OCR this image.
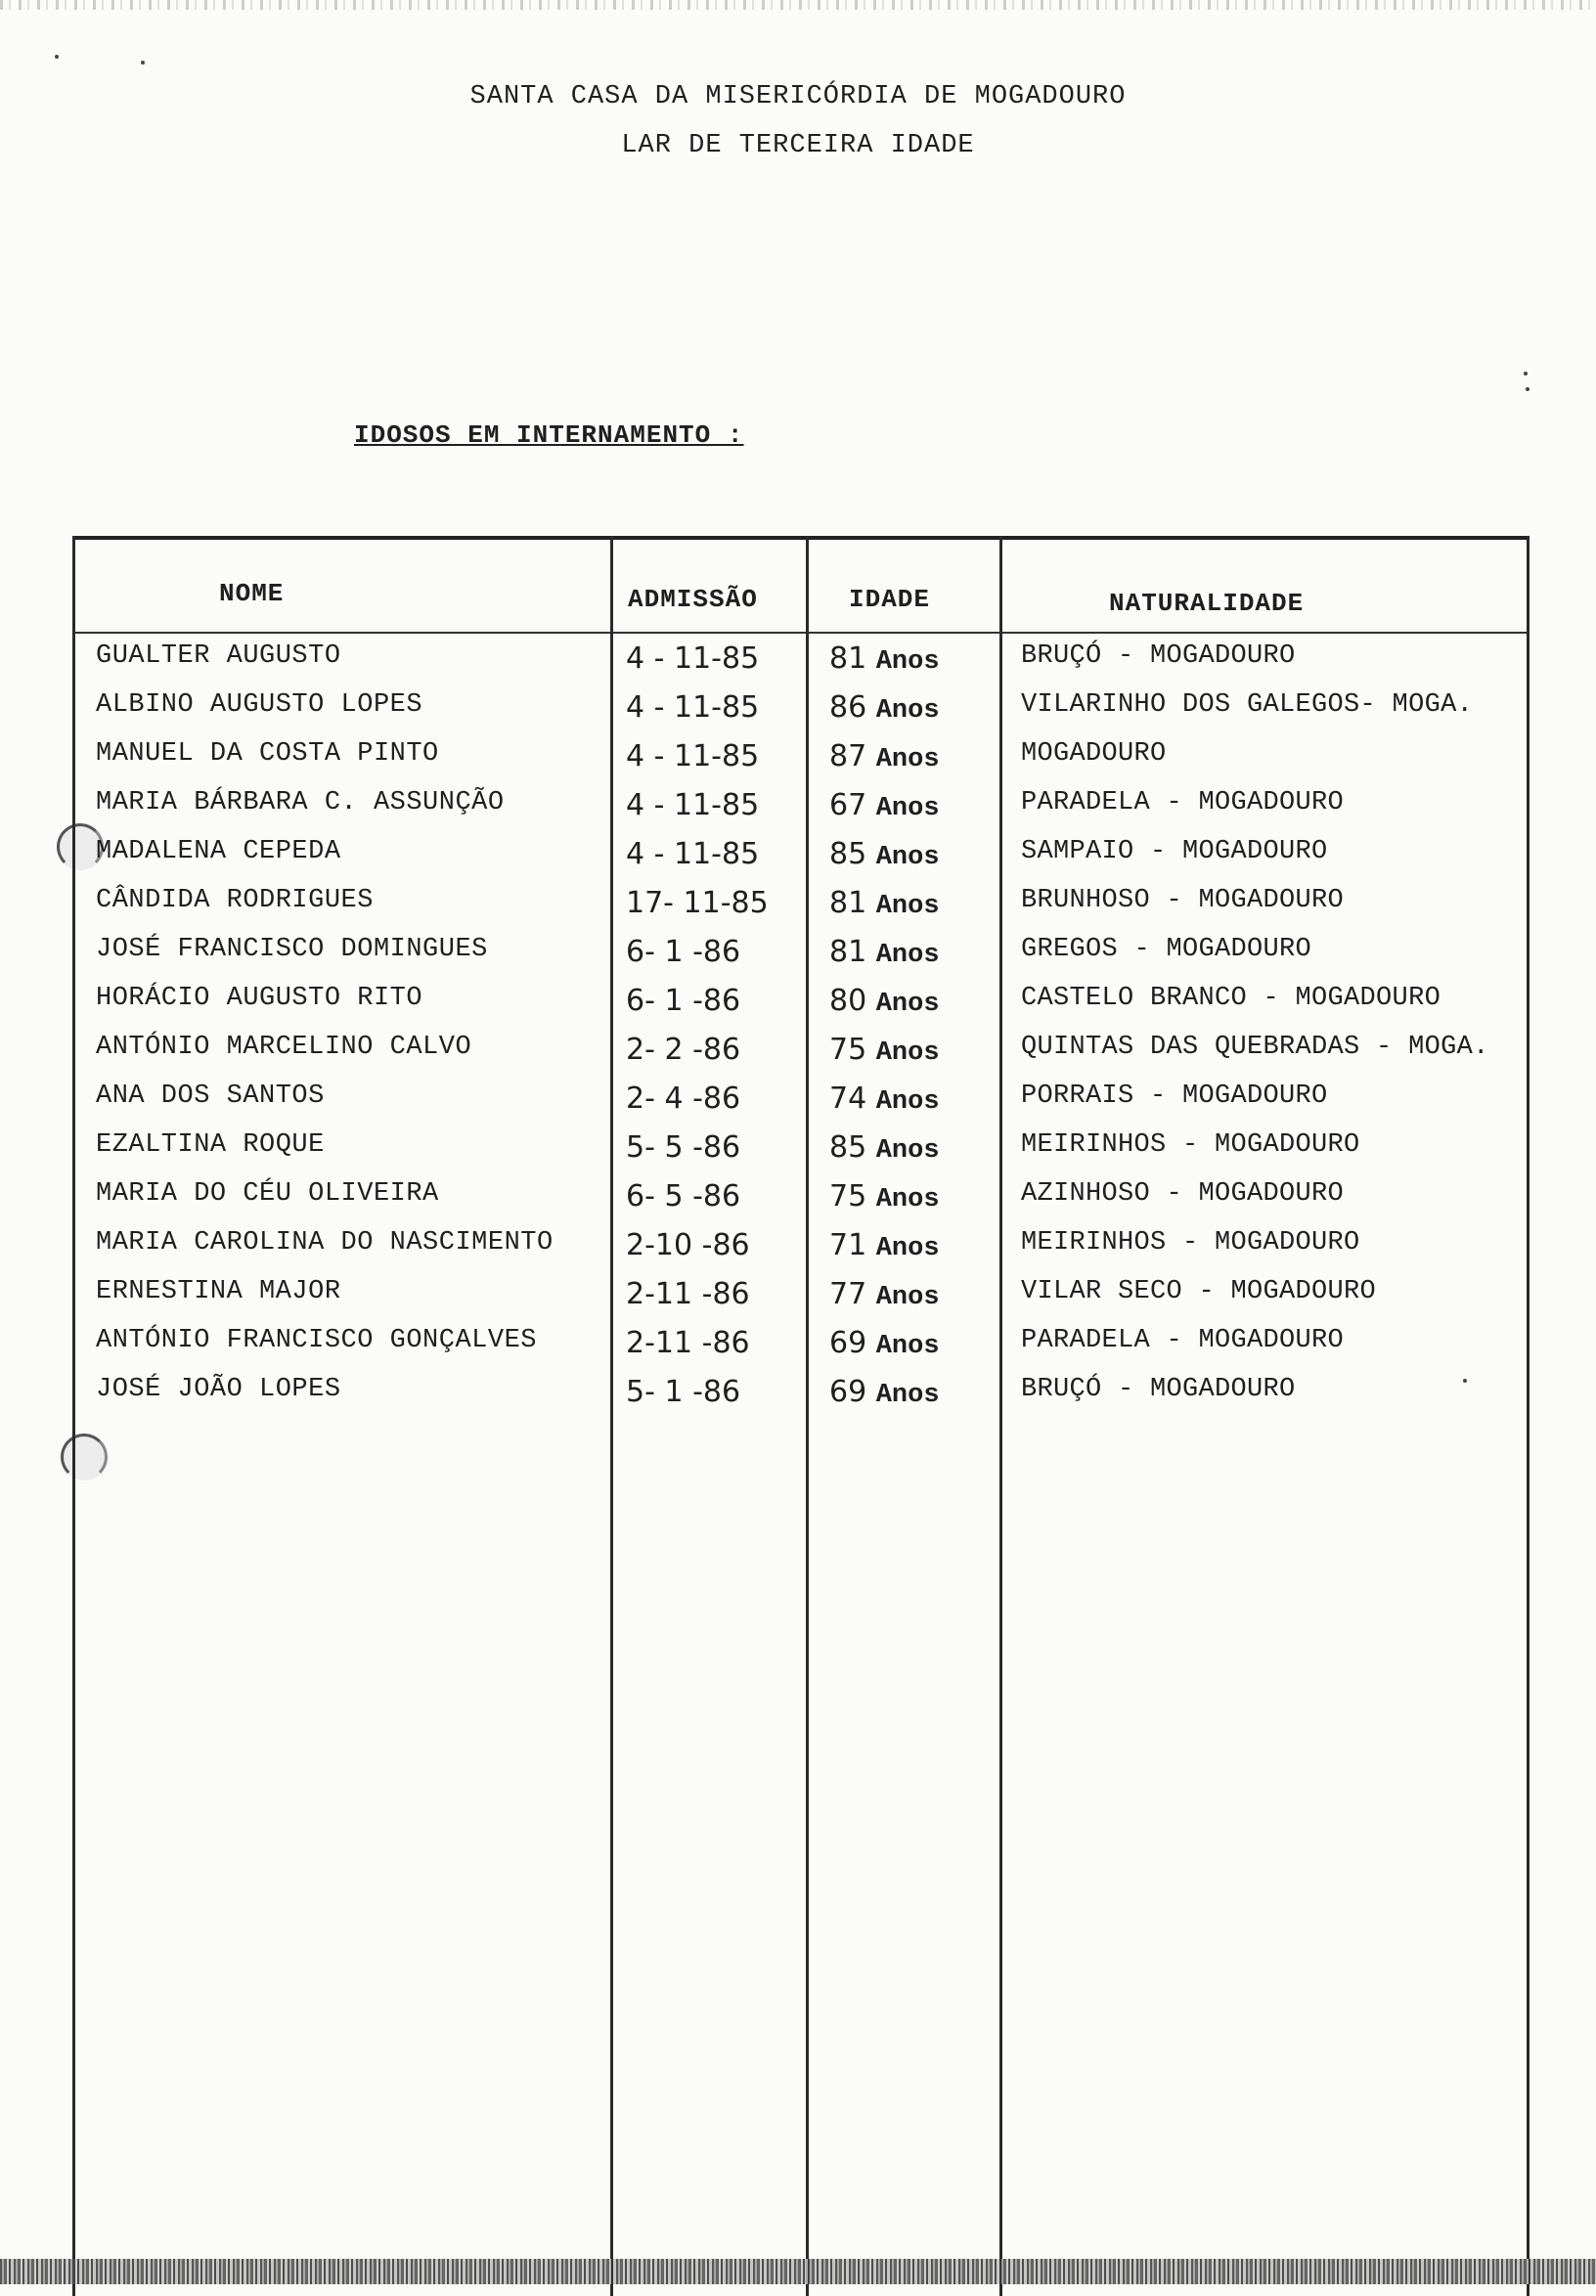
SANTA CASA DA MISERICÓRDIA DE MOGADOURO
LAR DE TERCEIRA IDADE
IDOSOS EM INTERNAMENTO :
NOME	ADMISSÃO	IDADE	NATURALIDADE
GUALTER AUGUSTO	4 - 11-85 81 Anos	BRUÇÓ - MOGADOURO
ALBINO AUGUSTO LOPES	4 - 11-85 86 Anos	VILARINHO DOS GALEGOS- MOGA.
MANUEL DA COSTA PINTO	4 - 11-85 87 Anos	MOGADOURO
MARIA BÁRBARA C. ASSUNÇÃO	4 - 11-85 67 Anos	PARADELA - MOGADOURO
MADALENA CEPEDA	4 - 11-85 85 Anos	SAMPAIO - MOGADOURO
CÂNDIDA RODRIGUES	17- 11-85 81 Anos	BRUNHOSO - MOGADOURO
JOSÉ FRANCISCO DOMINGUES	6- 1 -86	81 Anos	GREGOS - MOGADOURO
HORÁCIO AUGUSTO RITO	6- 1 -86	80 Anos	CASTELO BRANCO - MOGADOURO
ANTÓNIO MARCELINO CALVO	2- 2 -86	75 Anos	QUINTAS DAS QUEBRADAS - MOGA.
ANA DOS SANTOS	2- 4 -86	74 Anos	PORRAIS - MOGADOURO
EZALTINA ROQUE	5- 5 -86	85 Anos	MEIRINHOS - MOGADOURO
MARIA DO CÉU OLIVEIRA	6- 5 -86	75 Anos	AZINHOSO - MOGADOURO
MARIA CAROLINA DO NASCIMENTO 2-10 -86	71 Anos	MEIRINHOS - MOGADOURO
ERNESTINA MAJOR	2-11 -86	77 Anos	VILAR SECO - MOGADOURO
ANTÓNIO FRANCISCO GONÇALVES	2-11 -86	69 Anos	PARADELA - MOGADOURO
JOSÉ JOÃO LOPES	5- 1 -86	69 Anos	BRUÇÓ - MOGADOURO
